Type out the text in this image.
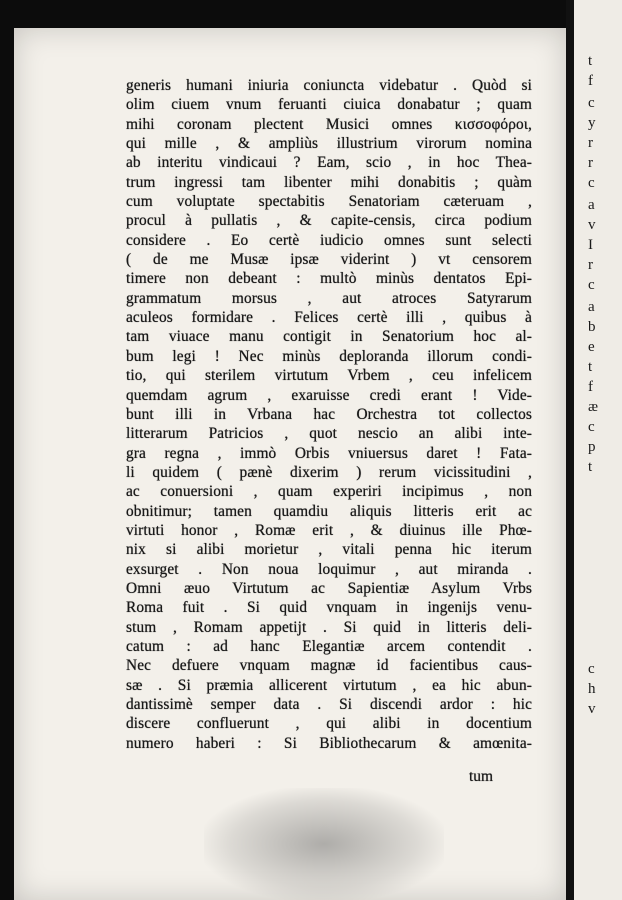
generis humani iniuria coniuncta videbatur . Quòd si
olim ciuem vnum feruanti ciuica donabatur ; quam
mihi coronam plectent Musici omnes κισσοφόροι,
qui mille , & ampliùs illustrium virorum nomina
ab interitu vindicaui ? Eam, scio , in hoc Thea-
trum ingressi tam libenter mihi donabitis ; quàm
cum voluptate spectabitis Senatoriam cæteruam ,
procul à pullatis , & capite-censis, circa podium
considere . Eo certè iudicio omnes sunt selecti
( de me Musæ ipsæ viderint ) vt censorem
timere non debeant : multò minùs dentatos Epi-
grammatum morsus , aut atroces Satyrarum
aculeos formidare . Felices certè illi , quibus à
tam viuace manu contigit in Senatorium hoc al-
bum legi ! Nec minùs deploranda illorum condi-
tio, qui sterilem virtutum Vrbem , ceu infelicem
quemdam agrum , exaruisse credi erant ! Vide-
bunt illi in Vrbana hac Orchestra tot collectos
litterarum Patricios , quot nescio an alibi inte-
gra regna , immò Orbis vniuersus daret ! Fata-
li quidem ( pænè dixerim ) rerum vicissitudini ,
ac conuersioni , quam experiri incipimus , non
obnitimur; tamen quamdiu aliquis litteris erit ac
virtuti honor , Romæ erit , & diuinus ille Phœ-
nix si alibi morietur , vitali penna hic iterum
exsurget . Non noua loquimur , aut miranda .
Omni æuo Virtutum ac Sapientiæ Asylum Vrbs
Roma fuit . Si quid vnquam in ingenijs venu-
stum , Romam appetijt . Si quid in litteris deli-
catum : ad hanc Elegantiæ arcem contendit .
Nec defuere vnquam magnæ id facientibus caus-
sæ . Si præmia allicerent virtutum , ea hic abun-
dantissimè semper data . Si discendi ardor : hic
discere confluerunt , qui alibi in docentium
numero haberi : Si Bibliothecarum & amœnita-
tum
t
f
c
y
r
r
c
a
v
I
r
c
a
b
e
t
f
æ
c
p
t
c
h
v
